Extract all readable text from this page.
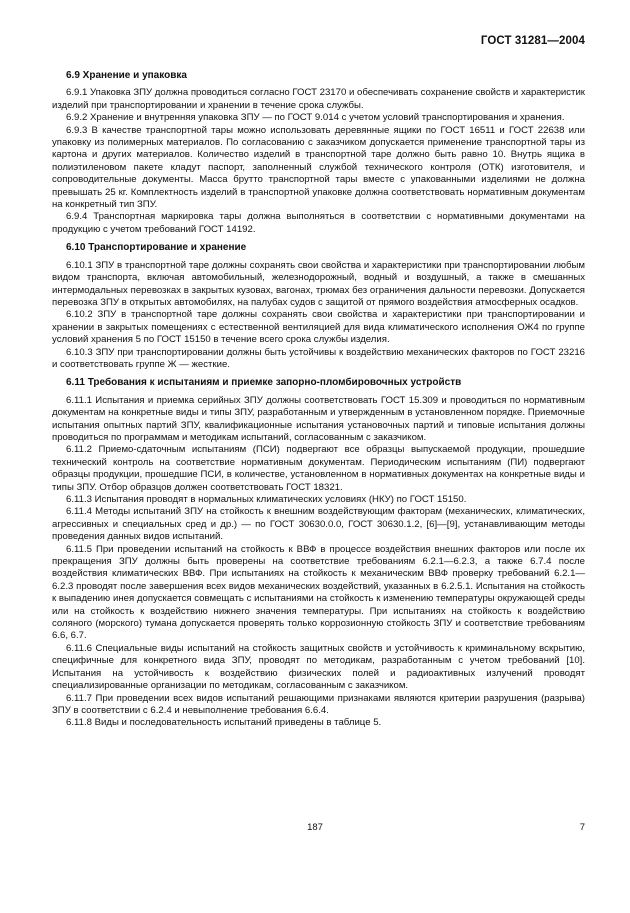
ГОСТ 31281—2004
6.9 Хранение и упаковка

6.9.1 Упаковка ЗПУ должна проводиться согласно ГОСТ 23170 и обеспечивать сохранение свойств и характеристик изделий при транспортировании и хранении в течение срока службы.

6.9.2 Хранение и внутренняя упаковка ЗПУ — по ГОСТ 9.014 с учетом условий транспортирования и хранения.

6.9.3 В качестве транспортной тары можно использовать деревянные ящики по ГОСТ 16511 и ГОСТ 22638 или упаковку из полимерных материалов. По согласованию с заказчиком допускается применение транспортной тары из картона и других материалов. Количество изделий в транспортной таре должно быть равно 10. Внутрь ящика в полиэтиленовом пакете кладут паспорт, заполненный службой технического контроля (ОТК) изготовителя, и сопроводительные документы. Масса брутто транспортной тары вместе с упакованными изделиями не должна превышать 25 кг. Комплектность изделий в транспортной упаковке должна соответствовать нормативным документам на конкретный тип ЗПУ.

6.9.4 Транспортная маркировка тары должна выполняться в соответствии с нормативными документами на продукцию с учетом требований ГОСТ 14192.

6.10 Транспортирование и хранение

6.10.1 ЗПУ в транспортной таре должны сохранять свои свойства и характеристики при транспортировании любым видом транспорта, включая автомобильный, железнодорожный, водный и воздушный, а также в смешанных интермодальных перевозках в закрытых кузовах, вагонах, трюмах без ограничения дальности перевозки. Допускается перевозка ЗПУ в открытых автомобилях, на палубах судов с защитой от прямого воздействия атмосферных осадков.

6.10.2 ЗПУ в транспортной таре должны сохранять свои свойства и характеристики при транспортировании и хранении в закрытых помещениях с естественной вентиляцией для вида климатического исполнения ОЖ4 по группе условий хранения 5 по ГОСТ 15150 в течение всего срока службы изделия.

6.10.3 ЗПУ при транспортировании должны быть устойчивы к воздействию механических факторов по ГОСТ 23216 и соответствовать группе Ж — жесткие.

6.11 Требования к испытаниям и приемке запорно-пломбировочных устройств

6.11.1 Испытания и приемка серийных ЗПУ должны соответствовать ГОСТ 15.309 и проводиться по нормативным документам на конкретные виды и типы ЗПУ, разработанным и утвержденным в установленном порядке. Приемочные испытания опытных партий ЗПУ, квалификационные испытания установочных партий и типовые испытания должны проводиться по программам и методикам испытаний, согласованным с заказчиком.

6.11.2 Приемо-сдаточным испытаниям (ПСИ) подвергают все образцы выпускаемой продукции, прошедшие технический контроль на соответствие нормативным документам. Периодическим испытаниям (ПИ) подвергают образцы продукции, прошедшие ПСИ, в количестве, установленном в нормативных документах на конкретные виды и типы ЗПУ. Отбор образцов должен соответствовать ГОСТ 18321.

6.11.3 Испытания проводят в нормальных климатических условиях (НКУ) по ГОСТ 15150.

6.11.4 Методы испытаний ЗПУ на стойкость к внешним воздействующим факторам (механических, климатических, агрессивных и специальных сред и др.) — по ГОСТ 30630.0.0, ГОСТ 30630.1.2, [6]—[9], устанавливающим методы проведения данных видов испытаний.

6.11.5 При проведении испытаний на стойкость к ВВФ в процессе воздействия внешних факторов или после их прекращения ЗПУ должны быть проверены на соответствие требованиям 6.2.1—6.2.3, а также 6.7.4 после воздействия климатических ВВФ. При испытаниях на стойкость к механическим ВВФ проверку требований 6.2.1—6.2.3 проводят после завершения всех видов механических воздействий, указанных в 6.2.5.1. Испытания на стойкость к выпадению инея допускается совмещать с испытаниями на стойкость к изменению температуры окружающей среды или на стойкость к воздействию нижнего значения температуры. При испытаниях на стойкость к воздействию соляного (морского) тумана допускается проверять только коррозионную стойкость ЗПУ и соответствие требованиям 6.6, 6.7.

6.11.6 Специальные виды испытаний на стойкость защитных свойств и устойчивость к криминальному вскрытию, специфичные для конкретного вида ЗПУ, проводят по методикам, разработанным с учетом требований [10]. Испытания на устойчивость к воздействию физических полей и радиоактивных излучений проводят специализированные организации по методикам, согласованным с заказчиком.

6.11.7 При проведении всех видов испытаний решающими признаками являются критерии разрушения (разрыва) ЗПУ в соответствии с 6.2.4 и невыполнение требования 6.6.4.

6.11.8 Виды и последовательность испытаний приведены в таблице 5.

187	7
